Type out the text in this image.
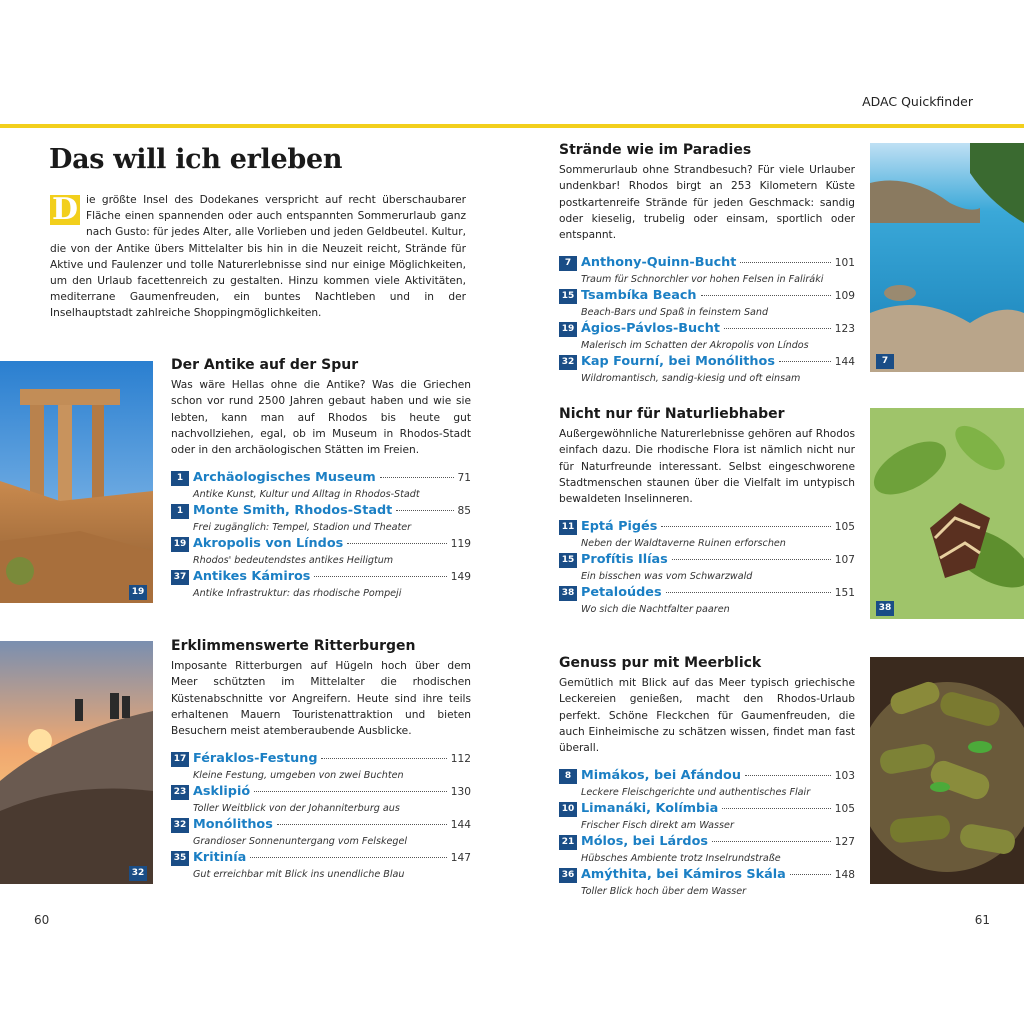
ADAC Quickfinder
Das will ich erleben

D ie größte Insel des Dodekanes verspricht auf recht überschaubarer Fläche einen spannenden oder auch entspannten Sommerurlaub ganz nach Gusto: für jedes Alter, alle Vorlieben und jeden Geldbeutel. Kultur, die von der Antike übers Mittelalter bis hin in die Neuzeit reicht, Strände für Aktive und Faulenzer und tolle Naturerlebnisse sind nur einige Möglichkeiten, um den Urlaub facettenreich zu gestalten. Hinzu kommen viele Aktivitäten, mediterrane Gaumenfreuden, ein buntes Nachtleben und in der Inselhauptstadt zahlreiche Shoppingmöglichkeiten.

19
32
7
38
Der Antike auf der Spur

Was wäre Hellas ohne die Antike? Was die Griechen schon vor rund 2500 Jahren gebaut haben und wie sie lebten, kann man auf Rhodos bis heute gut nachvollziehen, egal, ob im Museum in Rhodos-Stadt oder in den archäologischen Stätten im Freien.

1 Archäologisches Museum	71
Antike Kunst, Kultur und Alltag in Rhodos-Stadt
1 Monte Smith, Rhodos-Stadt	85
Frei zugänglich: Tempel, Stadion und Theater
19 Akropolis von Líndos	119
Rhodos' bedeutendstes antikes Heiligtum
37 Antikes Kámiros	149
Antike Infrastruktur: das rhodische Pompeji
Erklimmenswerte Ritterburgen

Imposante Ritterburgen auf Hügeln hoch über dem Meer schützten im Mittelalter die rhodischen Küstenabschnitte vor Angreifern. Heute sind ihre teils erhaltenen Mauern Touristenattraktion und bieten Besuchern meist atemberaubende Ausblicke.

17 Féraklos-Festung	112
Kleine Festung, umgeben von zwei Buchten
23 Asklipió	130
Toller Weitblick von der Johanniterburg aus
32 Monólithos	144
Grandioser Sonnenuntergang vom Felskegel
35 Kritinía	147
Gut erreichbar mit Blick ins unendliche Blau
Strände wie im Paradies

Sommerurlaub ohne Strandbesuch? Für viele Urlauber undenkbar! Rhodos birgt an 253 Kilometern Küste postkartenreife Strände für jeden Geschmack: sandig oder kieselig, trubelig oder einsam, sportlich oder entspannt.

7 Anthony-Quinn-Bucht	101
Traum für Schnorchler vor hohen Felsen in Faliráki
15 Tsambíka Beach	109
Beach-Bars und Spaß in feinstem Sand
19 Ágios-Pávlos-Bucht	123
Malerisch im Schatten der Akropolis von Líndos
32 Kap Fourní, bei Monólithos	144
Wildromantisch, sandig-kiesig und oft einsam
Nicht nur für Naturliebhaber

Außergewöhnliche Naturerlebnisse gehören auf Rhodos einfach dazu. Die rhodische Flora ist nämlich nicht nur für Naturfreunde interessant. Selbst eingeschworene Stadtmenschen staunen über die Vielfalt im untypisch bewaldeten Inselinneren.

11 Eptá Pigés	105
Neben der Waldtaverne Ruinen erforschen
15 Profítis Ilías	107
Ein bisschen was vom Schwarzwald
38 Petaloúdes	151
Wo sich die Nachtfalter paaren
Genuss pur mit Meerblick

Gemütlich mit Blick auf das Meer typisch griechische Leckereien genießen, macht den Rhodos-Urlaub perfekt. Schöne Fleckchen für Gaumenfreuden, die auch Einheimische zu schätzen wissen, findet man fast überall.

8 Mimákos, bei Afándou	103
Leckere Fleischgerichte und authentisches Flair
10 Limanáki, Kolímbia	105
Frischer Fisch direkt am Wasser
21 Mólos, bei Lárdos	127
Hübsches Ambiente trotz Inselrundstraße
36 Amýthita, bei Kámiros Skála	148
Toller Blick hoch über dem Wasser
60	61
